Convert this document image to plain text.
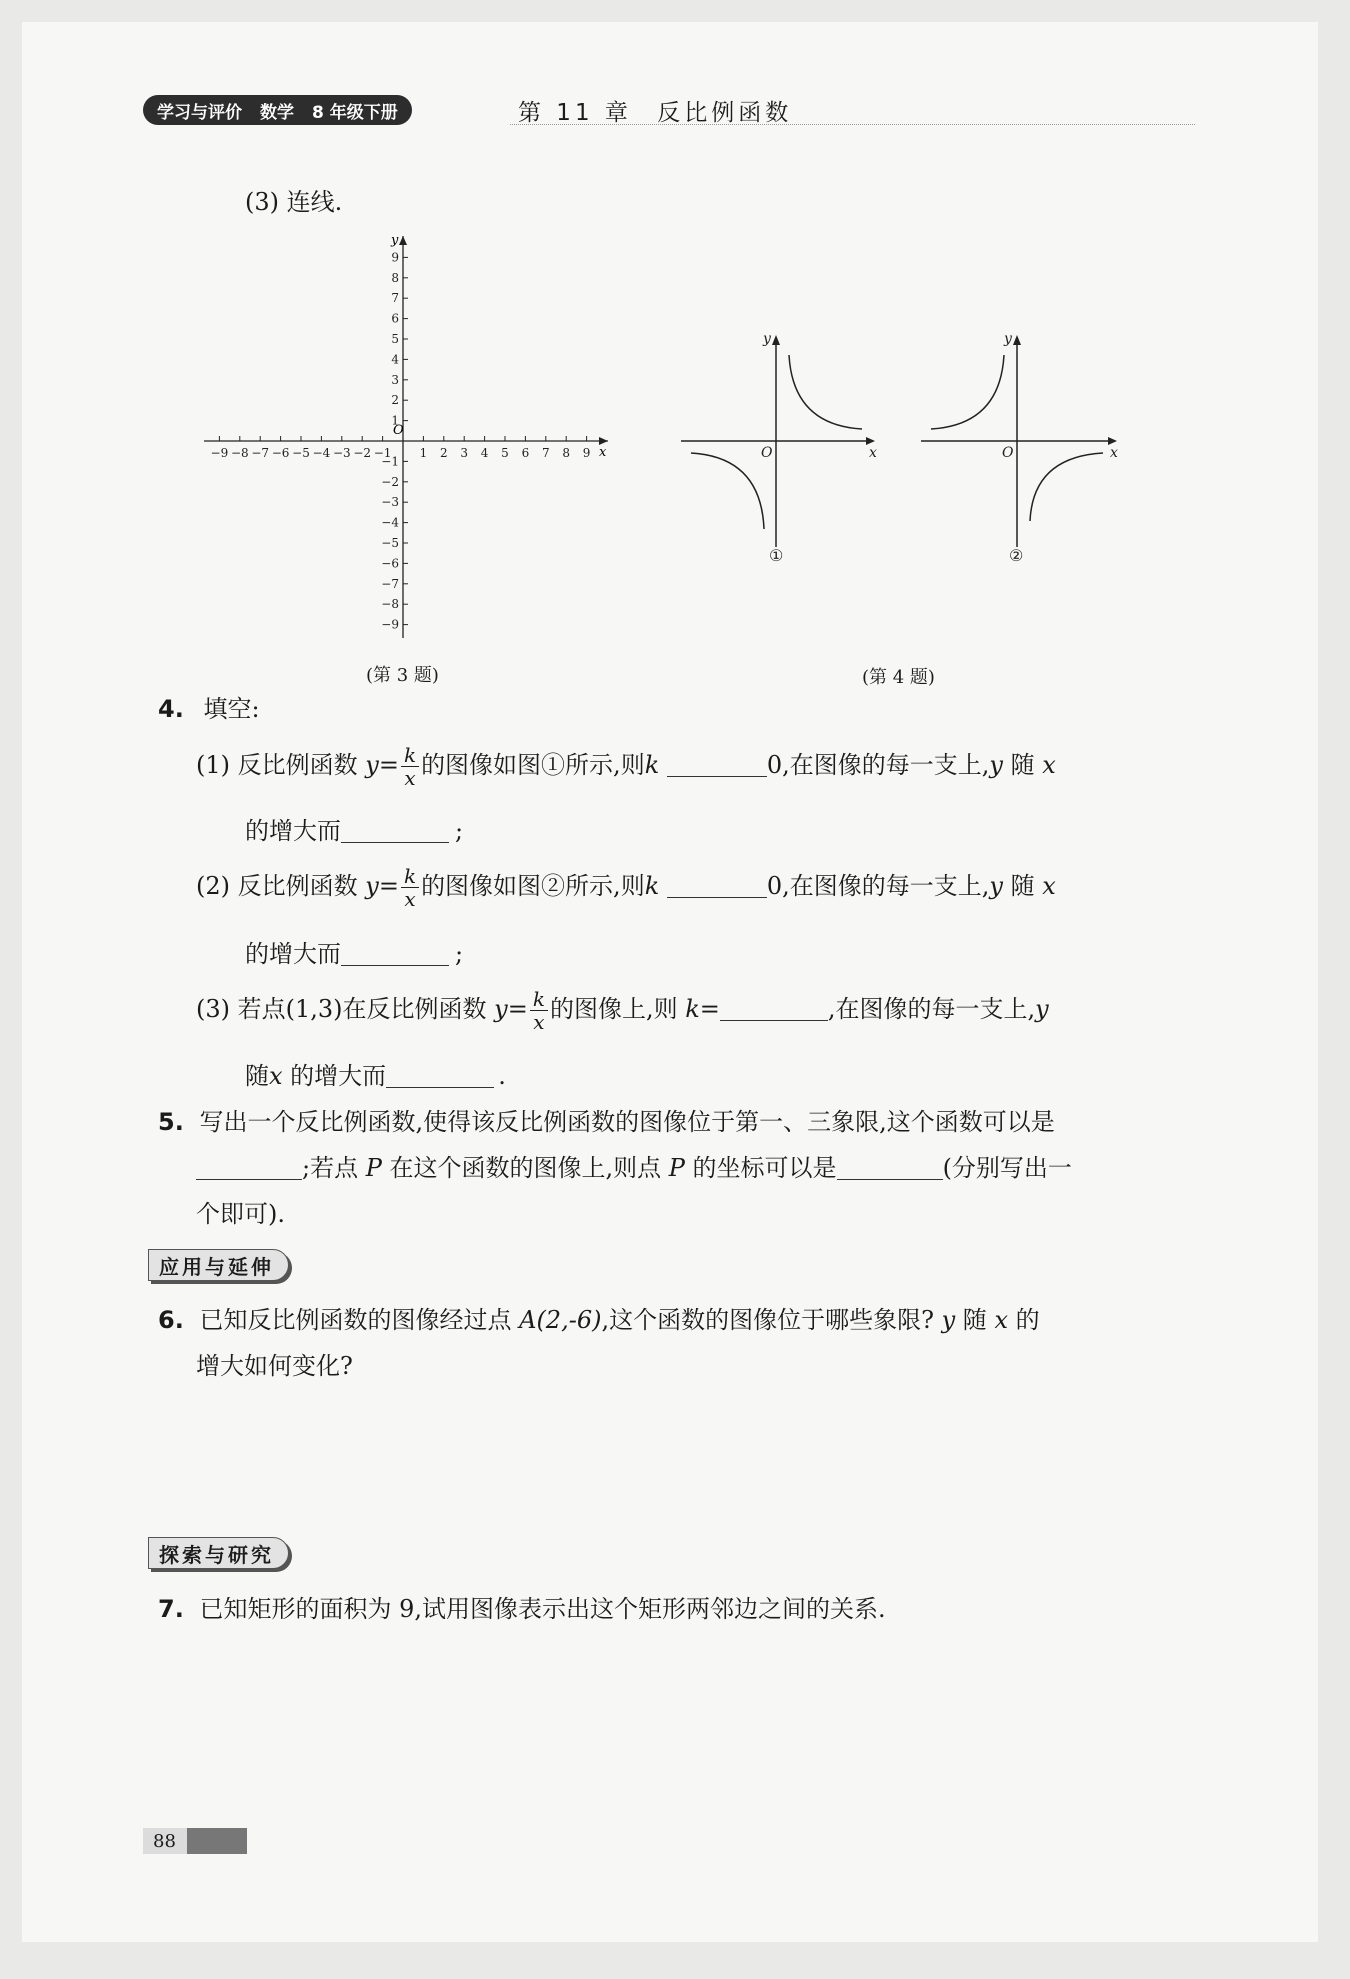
学习与评价 数学 8 年级下册	第 11 章 反比例函数
(3) 连线.
1 2 3 4 5 6 7 8 9
−9 −8 −7 −6 −5 −4 −3 −2 −1
1
2
3
4
5
6
7
8
9
−1
−2
−3
−4
−5
−6
−7
−8
−9
O
x
y
(第 3 题)
O	x
y
O	x
y
①	②
(第 4 题)
4. 填空:
(1) 反比例函数 $y= \frac{k}{x}$ 的图像如图①所示,则k	0,在图像的每一支上,y 随 x
的增大而	;
(2) 反比例函数 $y= \frac{k}{x}$ 的图像如图②所示,则k	0,在图像的每一支上,y 随 x
的增大而	;
(3) 若点(1,3)在反比例函数 $y= \frac{k}{x}$ 的图像上,则 k=	,在图像的每一支上,y
随x 的增大而	.
5. 写出一个反比例函数,使得该反比例函数的图像位于第一、三象限,这个函数可以是
;若点 P 在这个函数的图像上,则点 P 的坐标可以是	(分别写出一
个即可).
应用与延伸
6. 已知反比例函数的图像经过点 A(2,-6),这个函数的图像位于哪些象限? y 随 x 的
增大如何变化?
探索与研究
7. 已知矩形的面积为 9,试用图像表示出这个矩形两邻边之间的关系.
88
